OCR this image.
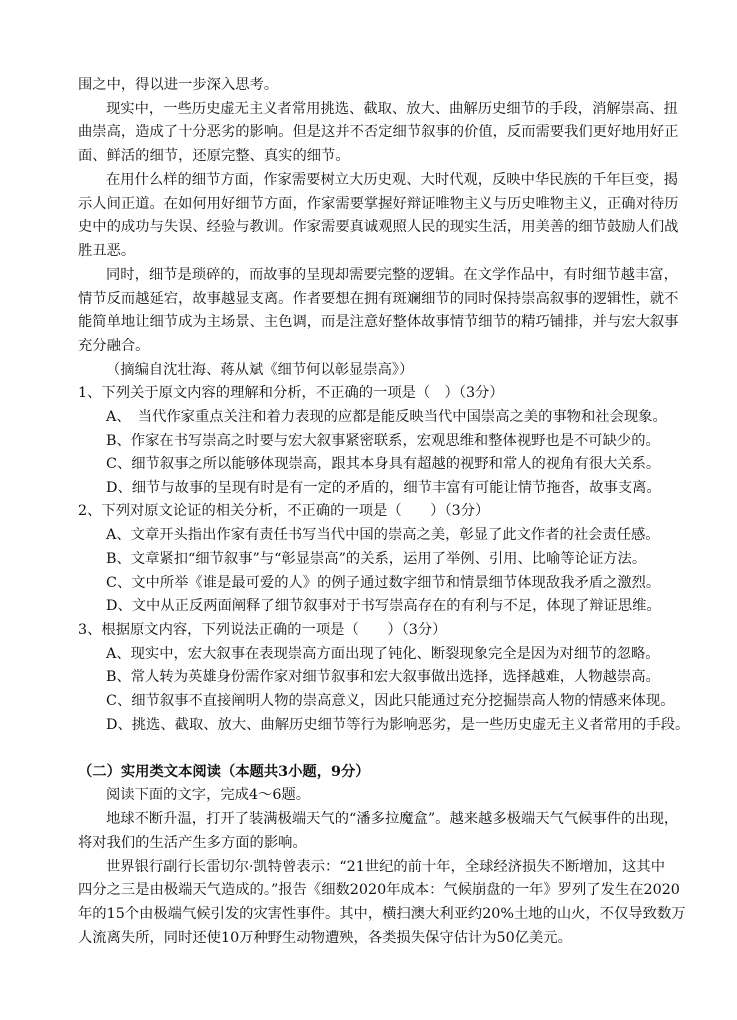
围之中，得以进一步深入思考。

现实中，一些历史虚无主义者常用挑选、截取、放大、曲解历史细节的手段，消解崇高、扭

曲崇高，造成了十分恶劣的影响。但是这并不否定细节叙事的价值，反而需要我们更好地用好正

面、鲜活的细节，还原完整、真实的细节。

在用什么样的细节方面，作家需要树立大历史观、大时代观，反映中华民族的千年巨变，揭

示人间正道。在如何用好细节方面，作家需要掌握好辩证唯物主义与历史唯物主义，正确对待历

史中的成功与失误、经验与教训。作家需要真诚观照人民的现实生活，用美善的细节鼓励人们战

胜丑恶。

同时，细节是琐碎的，而故事的呈现却需要完整的逻辑。在文学作品中，有时细节越丰富，

情节反而越延宕，故事越显支离。作者要想在拥有斑斓细节的同时保持崇高叙事的逻辑性，就不

能简单地让细节成为主场景、主色调，而是注意好整体故事情节细节的精巧铺排，并与宏大叙事

充分融合。

（摘编自沈壮海、蒋从斌《细节何以彰显崇高》）

1、下列关于原文内容的理解和分析，不正确的一项是（　）（3分）

A、　当代作家重点关注和着力表现的应都是能反映当代中国崇高之美的事物和社会现象。

B、作家在书写崇高之时要与宏大叙事紧密联系，宏观思维和整体视野也是不可缺少的。

C、细节叙事之所以能够体现崇高，跟其本身具有超越的视野和常人的视角有很大关系。

D、细节与故事的呈现有时是有一定的矛盾的，细节丰富有可能让情节拖沓，故事支离。

2、下列对原文论证的相关分析，不正确的一项是（　　）（3分）

A、文章开头指出作家有责任书写当代中国的崇高之美，彰显了此文作者的社会责任感。

B、文章紧扣“细节叙事”与“彰显崇高”的关系，运用了举例、引用、比喻等论证方法。

C、文中所举《谁是最可爱的人》的例子通过数字细节和情景细节体现敌我矛盾之激烈。

D、文中从正反两面阐释了细节叙事对于书写崇高存在的有利与不足，体现了辩证思维。

3、根据原文内容，下列说法正确的一项是（　　）（3分）

A、现实中，宏大叙事在表现崇高方面出现了钝化、断裂现象完全是因为对细节的忽略。

B、常人转为英雄身份需作家对细节叙事和宏大叙事做出选择，选择越难，人物越崇高。

C、细节叙事不直接阐明人物的崇高意义，因此只能通过充分挖掘崇高人物的情感来体现。

D、挑选、截取、放大、曲解历史细节等行为影响恶劣，是一些历史虚无主义者常用的手段。

（二）实用类文本阅读（本题共3小题，9分）

阅读下面的文字，完成4～6题。

地球不断升温，打开了装满极端天气的“潘多拉魔盒”。越来越多极端天气气候事件的出现，

将对我们的生活产生多方面的影响。

世界银行副行长雷切尔·凯特曾表示：“21世纪的前十年，全球经济损失不断增加，这其中

四分之三是由极端天气造成的。”报告《细数2020年成本：气候崩盘的一年》罗列了发生在2020

年的15个由极端气候引发的灾害性事件。其中，横扫澳大利亚约20%土地的山火，不仅导致数万

人流离失所，同时还使10万种野生动物遭殃，各类损失保守估计为50亿美元。
